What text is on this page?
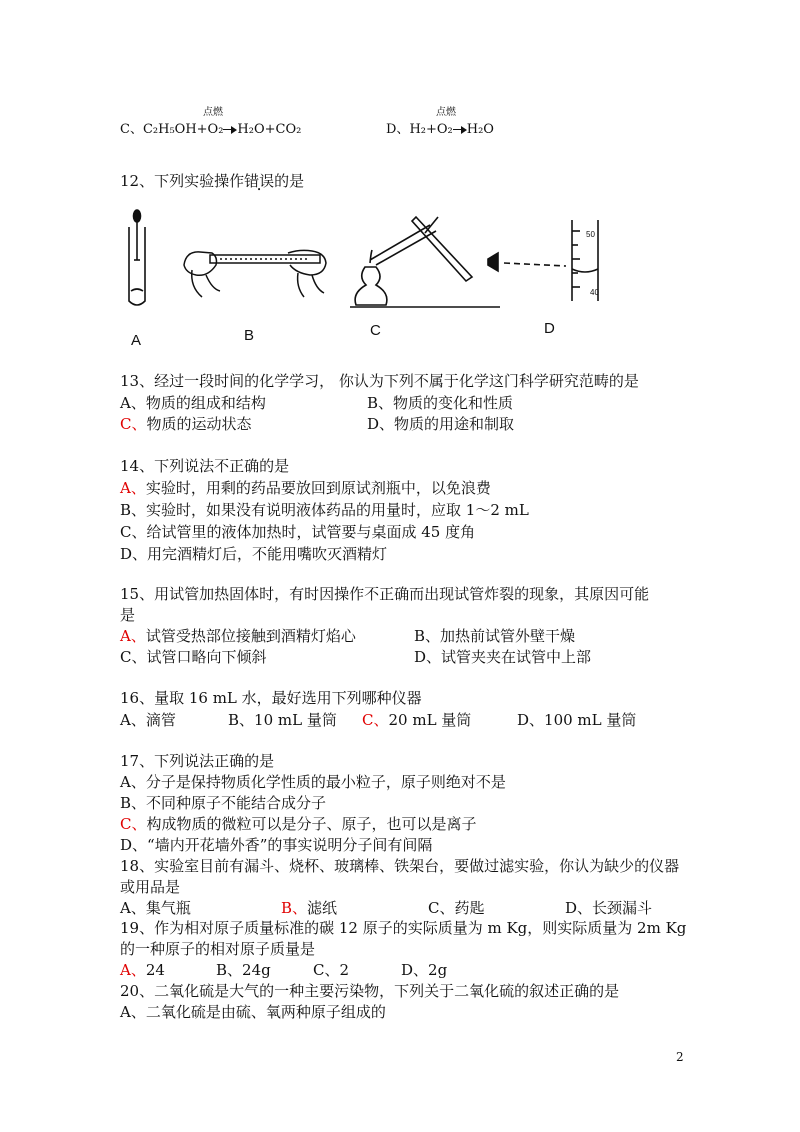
点燃
C、C₂H₅OH+O₂ H₂O+CO₂
点燃
D、H₂+O₂ H₂O
12、下列实验操作错误的是
A	B	C
50
40
D
13、经过一段时间的化学学习， 你认为下列不属于化学这门科学研究范畴的是
A、物质的组成和结构	B、物质的变化和性质
C、物质的运动状态	D、物质的用途和制取
14、下列说法不正确的是
A、实验时，用剩的药品要放回到原试剂瓶中，以免浪费
B、实验时，如果没有说明液体药品的用量时，应取 1～2 mL
C、给试管里的液体加热时，试管要与桌面成 45 度角
D、用完酒精灯后，不能用嘴吹灭酒精灯
15、用试管加热固体时，有时因操作不正确而出现试管炸裂的现象，其原因可能
是
A、试管受热部位接触到酒精灯焰心	B、加热前试管外壁干燥
C、试管口略向下倾斜	D、试管夹夹在试管中上部
16、量取 16 mL 水，最好选用下列哪种仪器
A、滴管	B、10 mL 量筒 C、20 mL 量筒	D、100 mL 量筒
17、下列说法正确的是
A、分子是保持物质化学性质的最小粒子，原子则绝对不是
B、不同种原子不能结合成分子
C、构成物质的微粒可以是分子、原子，也可以是离子
D、“墙内开花墙外香”的事实说明分子间有间隔
18、实验室目前有漏斗、烧杯、玻璃棒、铁架台，要做过滤实验，你认为缺少的仪器
或用品是
A、集气瓶	B、滤纸	C、药匙	D、长颈漏斗
19、作为相对原子质量标准的碳 12 原子的实际质量为 m Kg，则实际质量为 2m Kg
的一种原子的相对原子质量是
A、24	B、24g	C、2	D、2g
20、二氧化硫是大气的一种主要污染物，下列关于二氧化硫的叙述正确的是
A、二氧化硫是由硫、氧两种原子组成的
2
